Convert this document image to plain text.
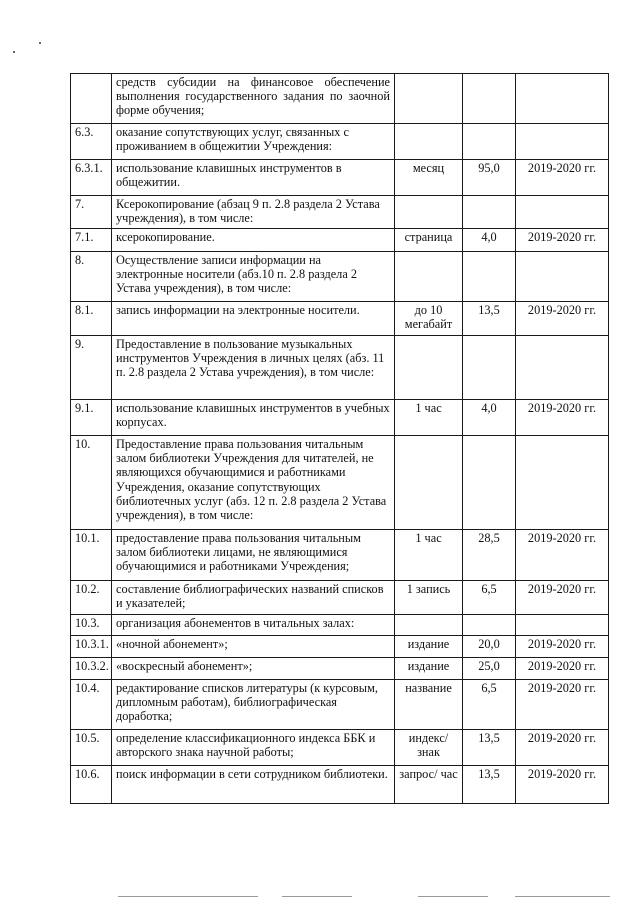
	средств субсидии на финансовое обеспечение выполнения государственного задания по заочной форме обучения;			
6.3.	оказание сопутствующих услуг, связанных с проживанием в общежитии Учреждения:			
6.3.1.	использование клавишных инструментов в общежитии.	месяц	95,0	2019-2020 гг.
7.	Ксерокопирование (абзац 9 п. 2.8 раздела 2 Устава учреждения), в том числе:			
7.1.	ксерокопирование.	страница	4,0	2019-2020 гг.
8.	Осуществление записи информации на электронные носители (абз.10 п. 2.8 раздела 2 Устава учреждения), в том числе:			
8.1.	запись информации на электронные носители.	до 10 мегабайт	13,5	2019-2020 гг.
9.	Предоставление в пользование музыкальных инструментов Учреждения в личных целях (абз. 11 п. 2.8 раздела 2 Устава учреждения), в том числе:			
9.1.	использование клавишных инструментов в учебных корпусах.	1 час	4,0	2019-2020 гг.
10.	Предоставление права пользования читальным залом библиотеки Учреждения для читателей, не являющихся обучающимися и работниками Учреждения, оказание сопутствующих библиотечных услуг (абз. 12 п. 2.8 раздела 2 Устава учреждения), в том числе:			
10.1.	предоставление права пользования читальным залом библиотеки лицами, не являющимися обучающимися и работниками Учреждения;	1 час	28,5	2019-2020 гг.
10.2.	составление библиографических названий списков и указателей;	1 запись	6,5	2019-2020 гг.
10.3.	организация абонементов в читальных залах:			
10.3.1.	«ночной абонемент»;	издание	20,0	2019-2020 гг.
10.3.2.	«воскресный абонемент»;	издание	25,0	2019-2020 гг.
10.4.	редактирование списков литературы (к курсовым, дипломным работам), библиографическая доработка;	название	6,5	2019-2020 гг.
10.5.	определение классификационного индекса ББК и авторского знака научной работы;	индекс/ знак	13,5	2019-2020 гг.
10.6.	поиск информации в сети сотрудником библиотеки.	запрос/ час	13,5	2019-2020 гг.
